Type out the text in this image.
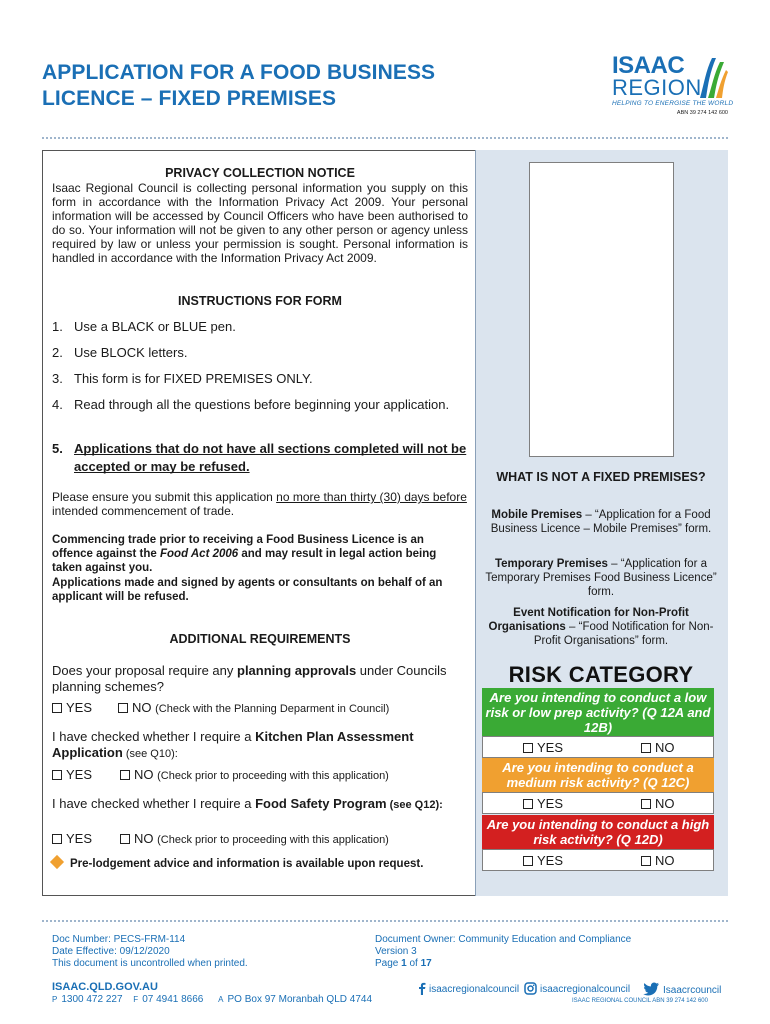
APPLICATION FOR A FOOD BUSINESS
LICENCE – FIXED PREMISES
ISAAC
REGION
HELPING TO ENERGISE THE WORLD
ABN 39 274 142 600
PRIVACY COLLECTION NOTICE
Isaac Regional Council is collecting personal information you supply on this form in accordance with the Information Privacy Act 2009. Your personal information will be accessed by Council Officers who have been authorised to do so. Your information will not be given to any other person or agency unless required by law or unless your permission is sought. Personal information is handled in accordance with the Information Privacy Act 2009.
INSTRUCTIONS FOR FORM
1. Use a BLACK or BLUE pen.
2. Use BLOCK letters.
3. This form is for FIXED PREMISES ONLY.
4. Read through all the questions before beginning your application.
5. Applications that do not have all sections completed will not be accepted or may be refused.
Please ensure you submit this application no more than thirty (30) days before intended commencement of trade.
Commencing trade prior to receiving a Food Business Licence is an offence against the Food Act 2006 and may result in legal action being taken against you.
Applications made and signed by agents or consultants on behalf of an applicant will be refused.
ADDITIONAL REQUIREMENTS
Does your proposal require any planning approvals under Councils planning schemes?
YES	NO (Check with the Planning Deparment in Council)
I have checked whether I require a Kitchen Plan Assessment Application (see Q10):
YES	NO (Check prior to proceeding with this application)
I have checked whether I require a Food Safety Program (see Q12):
YES	NO (Check prior to proceeding with this application)
Pre-lodgement advice and information is available upon request.
WHAT IS NOT A FIXED PREMISES?
Mobile Premises – “Application for a Food Business Licence – Mobile Premises” form.
Temporary Premises – “Application for a Temporary Premises Food Business Licence” form.
Event Notification for Non-Profit Organisations – “Food Notification for Non-Profit Organisations” form.
RISK CATEGORY
Are you intending to conduct a low risk or low prep activity? (Q 12A and 12B)
YES	NO
Are you intending to conduct a medium risk activity? (Q 12C)
YES	NO
Are you intending to conduct a high risk activity? (Q 12D)
YES	NO
Doc Number: PECS-FRM-114
Date Effective: 09/12/2020
This document is uncontrolled when printed.
Document Owner: Community Education and Compliance
Version 3
Page 1 of 17
ISAAC.QLD.GOV.AU
P 1300 472 227 F 07 4941 8666 A PO Box 97 Moranbah QLD 4744
isaacregionalcouncil	isaacregionalcouncil	Isaacrcouncil
ISAAC REGIONAL COUNCIL ABN 39 274 142 600
